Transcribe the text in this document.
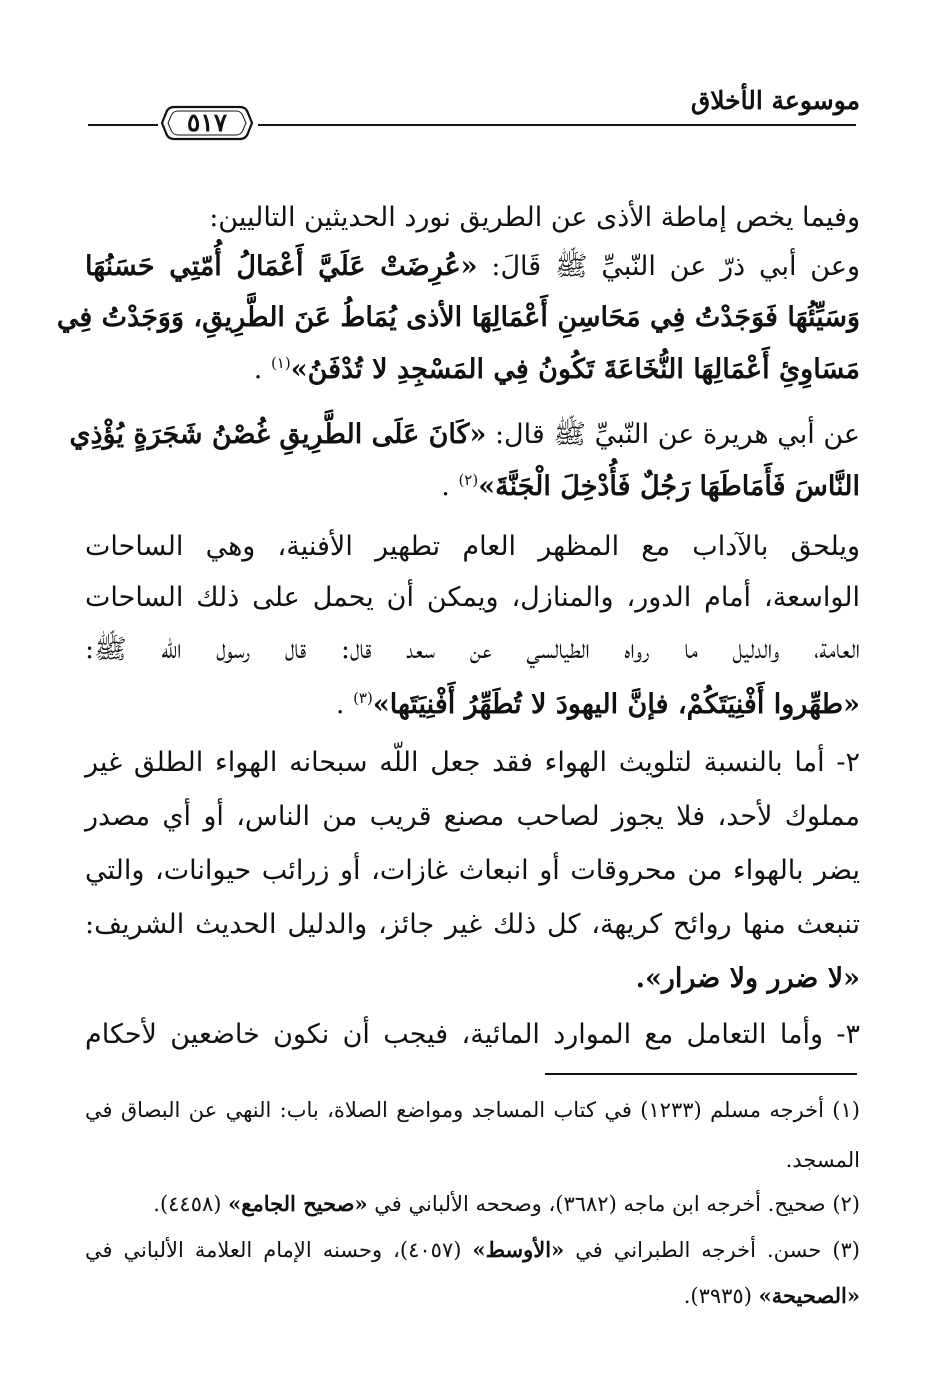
موسوعة الأخلاق
٥١٧
وفيما يخص إماطة الأذى عن الطريق نورد الحديثين التاليين:
وعن أبي ذرّ عن النّبيِّ ﷺ قَالَ: «عُرِضَتْ عَلَيَّ أَعْمَالُ أُمّتِي حَسَنُهَا
وَسَيِّئُهَا فَوَجَدْتُ فِي مَحَاسِنِ أَعْمَالِهَا الأذى يُمَاطُ عَنَ الطَّرِيقِ، وَوَجَدْتُ فِي
مَسَاوِئِ أَعْمَالِهَا النُّخَاعَةَ تَكُونُ فِي المَسْجِدِ لا تُدْفَنُ»$^{(١)}$ .
عن أبي هريرة عن النّبيِّ ﷺ قال: «كَانَ عَلَى الطَّرِيقِ غُصْنُ شَجَرَةٍ يُؤْذِي
النَّاسَ فَأَمَاطَهَا رَجُلٌ فَأُدْخِلَ الْجَنَّةَ»$^{(٢)}$ .
ويلحق بالآداب مع المظهر العام تطهير الأفنية، وهي الساحات
الواسعة، أمام الدور، والمنازل، ويمكن أن يحمل على ذلك الساحات
العامة، والدليل ما رواه الطيالسي عن سعد قال: قال رسول اللّه ﷺ:
«طهِّروا أَفْنِيَتَكُمْ، فإنَّ اليهودَ لا تُطَهِّرُ أَفْنِيَتَها»$^{(٣)}$ .
٢- أما بالنسبة لتلويث الهواء فقد جعل اللّه سبحانه الهواء الطلق غير
مملوك لأحد، فلا يجوز لصاحب مصنع قريب من الناس، أو أي مصدر
يضر بالهواء من محروقات أو انبعاث غازات، أو زرائب حيوانات، والتي
تنبعث منها روائح كريهة، كل ذلك غير جائز، والدليل الحديث الشريف:
«لا ضرر ولا ضرار».
٣- وأما التعامل مع الموارد المائية، فيجب أن نكون خاضعين لأحكام
(١) أخرجه مسلم (١٢٣٣) في كتاب المساجد ومواضع الصلاة، باب: النهي عن البصاق في
المسجد.
(٢) صحيح. أخرجه ابن ماجه (٣٦٨٢)، وصححه الألباني في «صحيح الجامع» (٤٤٥٨).
(٣) حسن. أخرجه الطبراني في «الأوسط» (٤٠٥٧)، وحسنه الإمام العلامة الألباني في
«الصحيحة» (٣٩٣٥).
